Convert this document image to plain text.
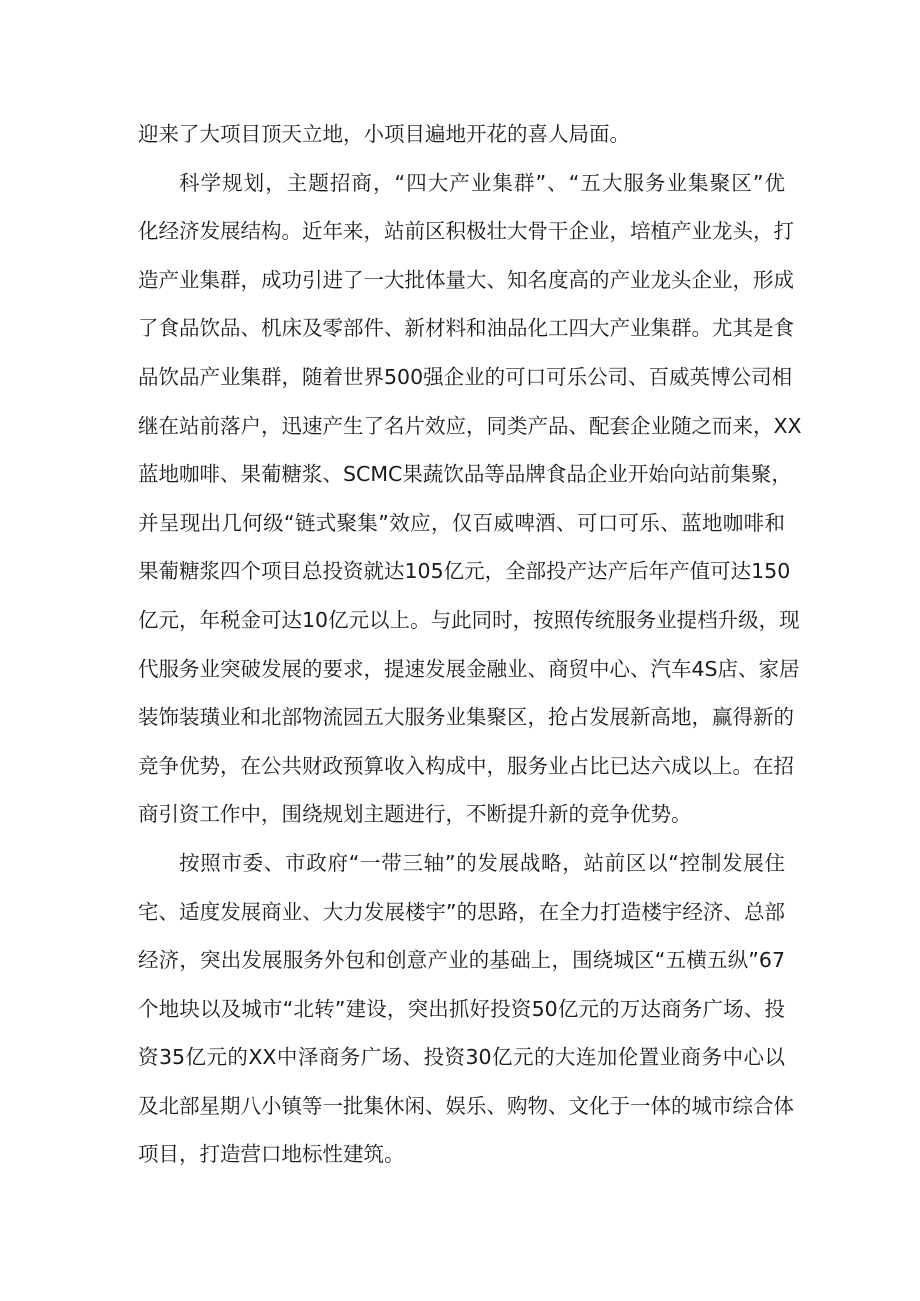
迎来了大项目顶天立地，小项目遍地开花的喜人局面。
科学规划，主题招商，“四大产业集群”、“五大服务业集聚区”优
化经济发展结构。近年来，站前区积极壮大骨干企业，培植产业龙头，打
造产业集群，成功引进了一大批体量大、知名度高的产业龙头企业，形成
了食品饮品、机床及零部件、新材料和油品化工四大产业集群。尤其是食
品饮品产业集群，随着世界500强企业的可口可乐公司、百威英博公司相
继在站前落户，迅速产生了名片效应，同类产品、配套企业随之而来，XX
蓝地咖啡、果葡糖浆、SCMC果蔬饮品等品牌食品企业开始向站前集聚，
并呈现出几何级“链式聚集”效应，仅百威啤酒、可口可乐、蓝地咖啡和
果葡糖浆四个项目总投资就达105亿元，全部投产达产后年产值可达150
亿元，年税金可达10亿元以上。与此同时，按照传统服务业提档升级，现
代服务业突破发展的要求，提速发展金融业、商贸中心、汽车4S店、家居
装饰装璜业和北部物流园五大服务业集聚区，抢占发展新高地，赢得新的
竞争优势，在公共财政预算收入构成中，服务业占比已达六成以上。在招
商引资工作中，围绕规划主题进行，不断提升新的竞争优势。
按照市委、市政府“一带三轴”的发展战略，站前区以“控制发展住
宅、适度发展商业、大力发展楼宇”的思路，在全力打造楼宇经济、总部
经济，突出发展服务外包和创意产业的基础上，围绕城区“五横五纵”67
个地块以及城市“北转”建设，突出抓好投资50亿元的万达商务广场、投
资35亿元的XX中泽商务广场、投资30亿元的大连加伦置业商务中心以
及北部星期八小镇等一批集休闲、娱乐、购物、文化于一体的城市综合体
项目，打造营口地标性建筑。
